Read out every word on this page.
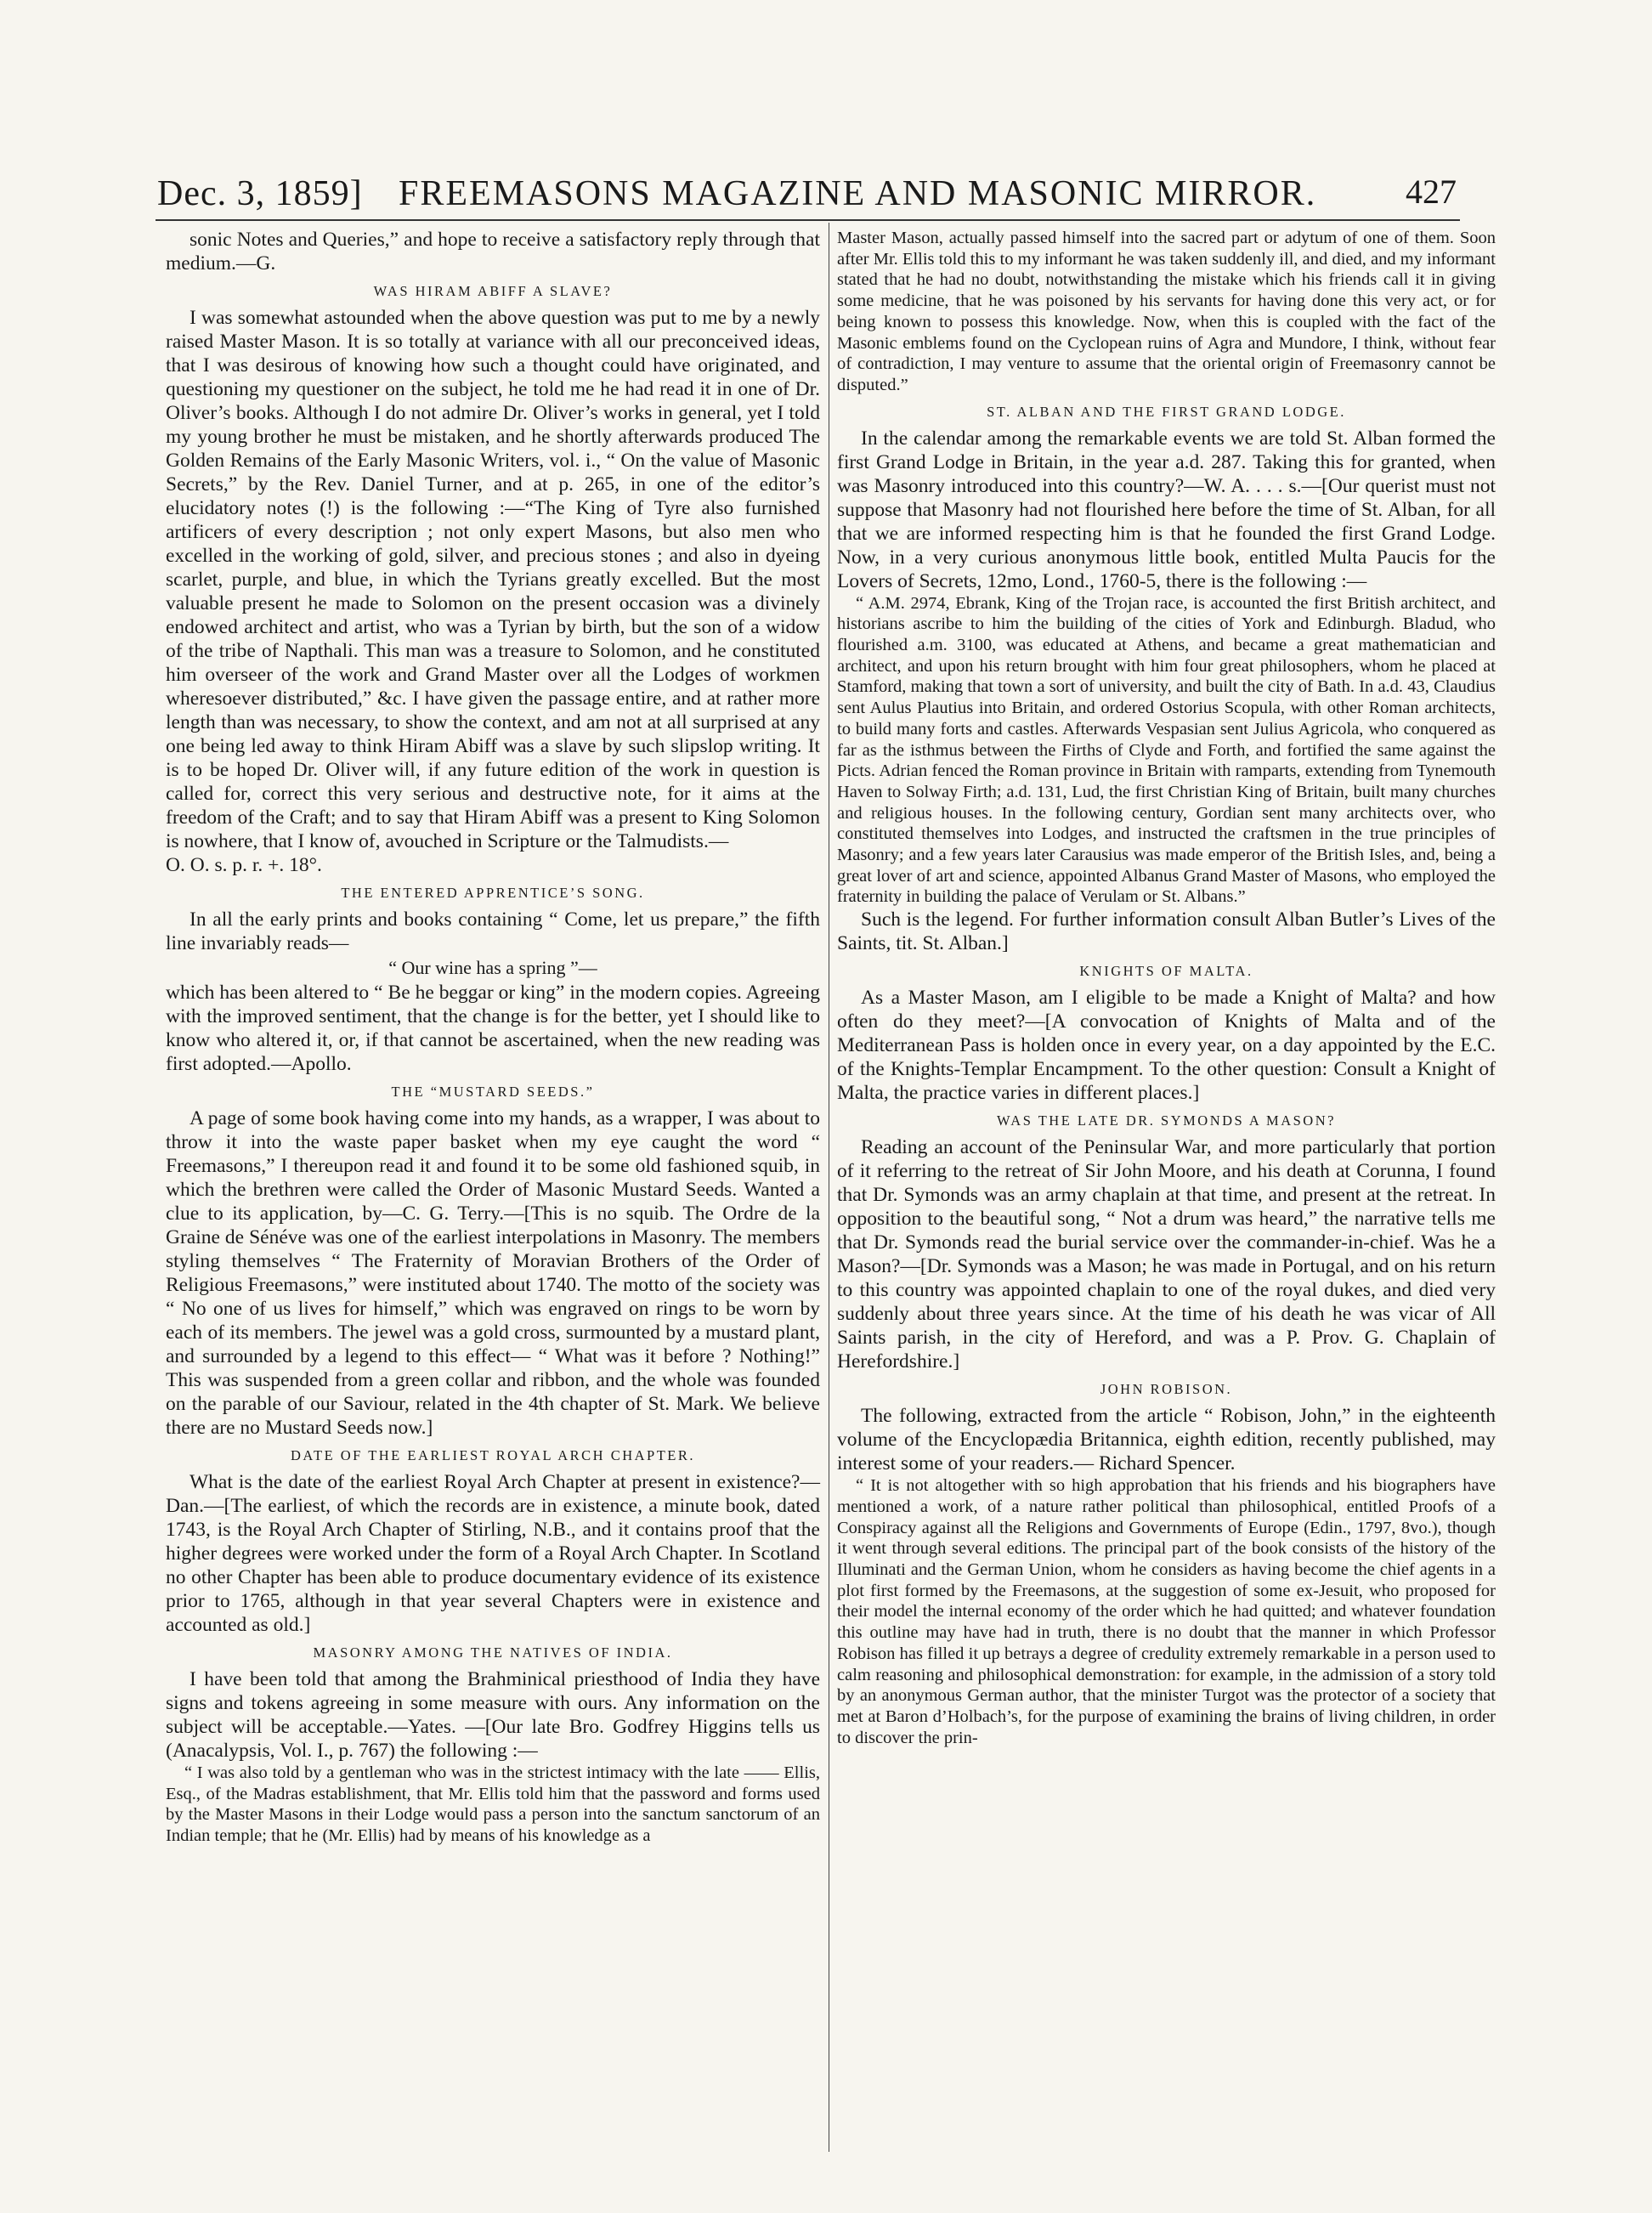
Dec. 3, 1859] FREEMASONS MAGAZINE AND MASONIC MIRROR.	427

sonic Notes and Queries,” and hope to receive a satisfactory reply through that medium.—G.

WAS HIRAM ABIFF A SLAVE?

I was somewhat astounded when the above question was put to me by a newly raised Master Mason. It is so totally at variance with all our preconceived ideas, that I was desirous of knowing how such a thought could have originated, and questioning my questioner on the subject, he told me he had read it in one of Dr. Oliver’s books. Although I do not admire Dr. Oliver’s works in general, yet I told my young brother he must be mistaken, and he shortly afterwards produced The Golden Remains of the Early Masonic Writers, vol. i., “ On the value of Masonic Secrets,” by the Rev. Daniel Turner, and at p. 265, in one of the editor’s elucidatory notes (!) is the following :—“The King of Tyre also furnished artificers of every description ; not only expert Masons, but also men who excelled in the working of gold, silver, and precious stones ; and also in dyeing scarlet, purple, and blue, in which the Tyrians greatly excelled. But the most valuable present he made to Solomon on the present occasion was a divinely endowed architect and artist, who was a Tyrian by birth, but the son of a widow of the tribe of Napthali. This man was a treasure to Solomon, and he constituted him overseer of the work and Grand Master over all the Lodges of workmen wheresoever distributed,” &c. I have given the passage entire, and at rather more length than was necessary, to show the context, and am not at all surprised at any one being led away to think Hiram Abiff was a slave by such slipslop writing. It is to be hoped Dr. Oliver will, if any future edition of the work in question is called for, correct this very serious and destructive note, for it aims at the freedom of the Craft; and to say that Hiram Abiff was a present to King Solomon is nowhere, that I know of, avouched in Scripture or the Talmudists.—

O. O. s. p. r. +. 18°.

THE ENTERED APPRENTICE’S SONG.

In all the early prints and books containing “ Come, let us prepare,” the fifth line invariably reads—

“ Our wine has a spring ”—

which has been altered to “ Be he beggar or king” in the modern copies. Agreeing with the improved sentiment, that the change is for the better, yet I should like to know who altered it, or, if that cannot be ascertained, when the new reading was first adopted.—Apollo.

THE “MUSTARD SEEDS.”

A page of some book having come into my hands, as a wrapper, I was about to throw it into the waste paper basket when my eye caught the word “ Freemasons,” I thereupon read it and found it to be some old fashioned squib, in which the brethren were called the Order of Masonic Mustard Seeds. Wanted a clue to its application, by—C. G. Terry.—[This is no squib. The Ordre de la Graine de Sénéve was one of the earliest interpolations in Masonry. The members styling themselves “ The Fraternity of Moravian Brothers of the Order of Religious Freemasons,” were instituted about 1740. The motto of the society was “ No one of us lives for himself,” which was engraved on rings to be worn by each of its members. The jewel was a gold cross, surmounted by a mustard plant, and surrounded by a legend to this effect— “ What was it before ? Nothing!” This was suspended from a green collar and ribbon, and the whole was founded on the parable of our Saviour, related in the 4th chapter of St. Mark. We believe there are no Mustard Seeds now.]

DATE OF THE EARLIEST ROYAL ARCH CHAPTER.

What is the date of the earliest Royal Arch Chapter at present in existence?—Dan.—[The earliest, of which the records are in existence, a minute book, dated 1743, is the Royal Arch Chapter of Stirling, N.B., and it contains proof that the higher degrees were worked under the form of a Royal Arch Chapter. In Scotland no other Chapter has been able to produce documentary evidence of its existence prior to 1765, although in that year several Chapters were in existence and accounted as old.]

MASONRY AMONG THE NATIVES OF INDIA.

I have been told that among the Brahminical priesthood of India they have signs and tokens agreeing in some measure with ours. Any information on the subject will be acceptable.—Yates. —[Our late Bro. Godfrey Higgins tells us (Anacalypsis, Vol. I., p. 767) the following :—

“ I was also told by a gentleman who was in the strictest intimacy with the late —— Ellis, Esq., of the Madras establishment, that Mr. Ellis told him that the password and forms used by the Master Masons in their Lodge would pass a person into the sanctum sanctorum of an Indian temple; that he (Mr. Ellis) had by means of his knowledge as a

Master Mason, actually passed himself into the sacred part or adytum of one of them. Soon after Mr. Ellis told this to my informant he was taken suddenly ill, and died, and my informant stated that he had no doubt, notwithstanding the mistake which his friends call it in giving some medicine, that he was poisoned by his servants for having done this very act, or for being known to possess this knowledge. Now, when this is coupled with the fact of the Masonic emblems found on the Cyclopean ruins of Agra and Mundore, I think, without fear of contradiction, I may venture to assume that the oriental origin of Freemasonry cannot be disputed.”

ST. ALBAN AND THE FIRST GRAND LODGE.

In the calendar among the remarkable events we are told St. Alban formed the first Grand Lodge in Britain, in the year a.d. 287. Taking this for granted, when was Masonry introduced into this country?—W. A. . . . s.—[Our querist must not suppose that Masonry had not flourished here before the time of St. Alban, for all that we are informed respecting him is that he founded the first Grand Lodge. Now, in a very curious anonymous little book, entitled Multa Paucis for the Lovers of Secrets, 12mo, Lond., 1760-5, there is the following :—

“ A.M. 2974, Ebrank, King of the Trojan race, is accounted the first British architect, and historians ascribe to him the building of the cities of York and Edinburgh. Bladud, who flourished a.m. 3100, was educated at Athens, and became a great mathematician and architect, and upon his return brought with him four great philosophers, whom he placed at Stamford, making that town a sort of university, and built the city of Bath. In a.d. 43, Claudius sent Aulus Plautius into Britain, and ordered Ostorius Scopula, with other Roman architects, to build many forts and castles. Afterwards Vespasian sent Julius Agricola, who conquered as far as the isthmus between the Firths of Clyde and Forth, and fortified the same against the Picts. Adrian fenced the Roman province in Britain with ramparts, extending from Tynemouth Haven to Solway Firth; a.d. 131, Lud, the first Christian King of Britain, built many churches and religious houses. In the following century, Gordian sent many architects over, who constituted themselves into Lodges, and instructed the craftsmen in the true principles of Masonry; and a few years later Carausius was made emperor of the British Isles, and, being a great lover of art and science, appointed Albanus Grand Master of Masons, who employed the fraternity in building the palace of Verulam or St. Albans.”

Such is the legend. For further information consult Alban Butler’s Lives of the Saints, tit. St. Alban.]

KNIGHTS OF MALTA.

As a Master Mason, am I eligible to be made a Knight of Malta? and how often do they meet?—[A convocation of Knights of Malta and of the Mediterranean Pass is holden once in every year, on a day appointed by the E.C. of the Knights-Templar Encampment. To the other question: Consult a Knight of Malta, the practice varies in different places.]

WAS THE LATE DR. SYMONDS A MASON?

Reading an account of the Peninsular War, and more particularly that portion of it referring to the retreat of Sir John Moore, and his death at Corunna, I found that Dr. Symonds was an army chaplain at that time, and present at the retreat. In opposition to the beautiful song, “ Not a drum was heard,” the narrative tells me that Dr. Symonds read the burial service over the commander-in-chief. Was he a Mason?—[Dr. Symonds was a Mason; he was made in Portugal, and on his return to this country was appointed chaplain to one of the royal dukes, and died very suddenly about three years since. At the time of his death he was vicar of All Saints parish, in the city of Hereford, and was a P. Prov. G. Chaplain of Herefordshire.]

JOHN ROBISON.

The following, extracted from the article “ Robison, John,” in the eighteenth volume of the Encyclopædia Britannica, eighth edition, recently published, may interest some of your readers.— Richard Spencer.

“ It is not altogether with so high approbation that his friends and his biographers have mentioned a work, of a nature rather political than philosophical, entitled Proofs of a Conspiracy against all the Religions and Governments of Europe (Edin., 1797, 8vo.), though it went through several editions. The principal part of the book consists of the history of the Illuminati and the German Union, whom he considers as having become the chief agents in a plot first formed by the Freemasons, at the suggestion of some ex-Jesuit, who proposed for their model the internal economy of the order which he had quitted; and whatever foundation this outline may have had in truth, there is no doubt that the manner in which Professor Robison has filled it up betrays a degree of credulity extremely remarkable in a person used to calm reasoning and philosophical demonstration: for example, in the admission of a story told by an anonymous German author, that the minister Turgot was the protector of a society that met at Baron d’Holbach’s, for the purpose of examining the brains of living children, in order to discover the prin-
